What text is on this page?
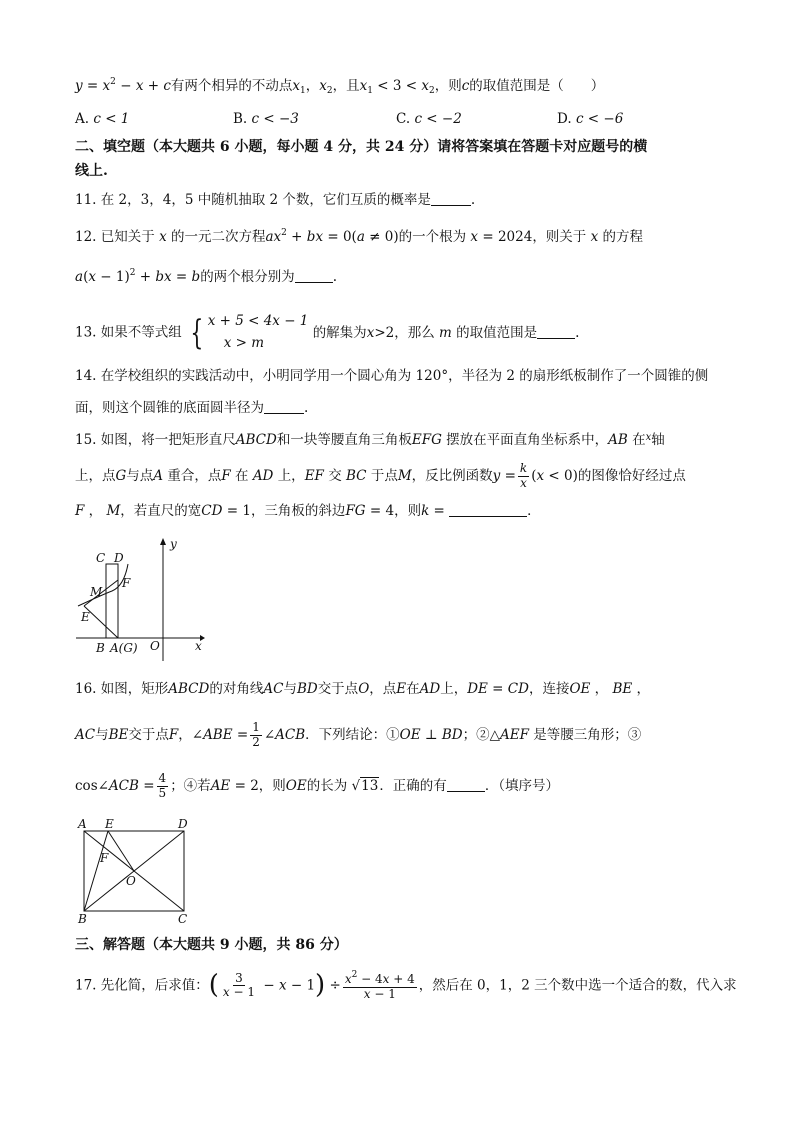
$y = x^2 - x + c$有两个相异的不动点$x_1$，$x_2$，且$x_1 < 3 < x_2$，则c的取值范围是（　　）
A. c < 1	B. c < −3	C. c < −2	D. c < −6
二、填空题（本大题共 6 小题，每小题 4 分，共 24 分）请将答案填在答题卡对应题号的横
线上.
11. 在 2，3，4，5 中随机抽取 2 个数，它们互质的概率是	.
12. 已知关于 x 的一元二次方程$ax^2$ + bx = 0(a ≠ 0)的一个根为 x = 2024，则关于 x 的方程
$a(x - 1)^2$ + bx = b的两个根分别为	.
13. 如果不等式组 { x + 5 < 4x − 1
x > m
的解集为x>2，那么 m 的取值范围是	.
14. 在学校组织的实践活动中，小明同学用一个圆心角为 120°，半径为 2 的扇形纸板制作了一个圆锥的侧
面，则这个圆锥的底面圆半径为	.
15. 如图，将一把矩形直尺ABCD和一块等腰直角三角板EFG 摆放在平面直角坐标系中，AB 在$^x$轴
上，点G与点A 重合，点F 在 AD 上，EF 交 BC 于点M，反比例函数$y = \frac{k}{x} (x < 0)$的图像恰好经过点
F ， M，若直尺的宽CD = 1，三角板的斜边FG = 4，则k =	．
C D
y
M
F
E
B A(G) O	x
16. 如图，矩形ABCD的对角线AC与BD交于点O，点E在AD上，DE = CD，连接OE ， BE ，
AC与BE交于点F，∠ABE = $\frac{1}{2}$ ∠ACB．下列结论：①OE ⊥ BD；②△AEF 是等腰三角形；③
cos∠ACB = $\frac{4}{5}$ ；④若AE = 2，则OE的长为 √13．正确的有	．（填序号）
A E	D
F
O
B	C
三、解答题（本大题共 9 小题，共 86 分）
17. 先化简，后求值：( $\frac{3}{x - 1} - x - 1) \div \frac{x^2 - 4x + 4}{x - 1}$ ，然后在 0，1，2 三个数中选一个适合的数，代入求
